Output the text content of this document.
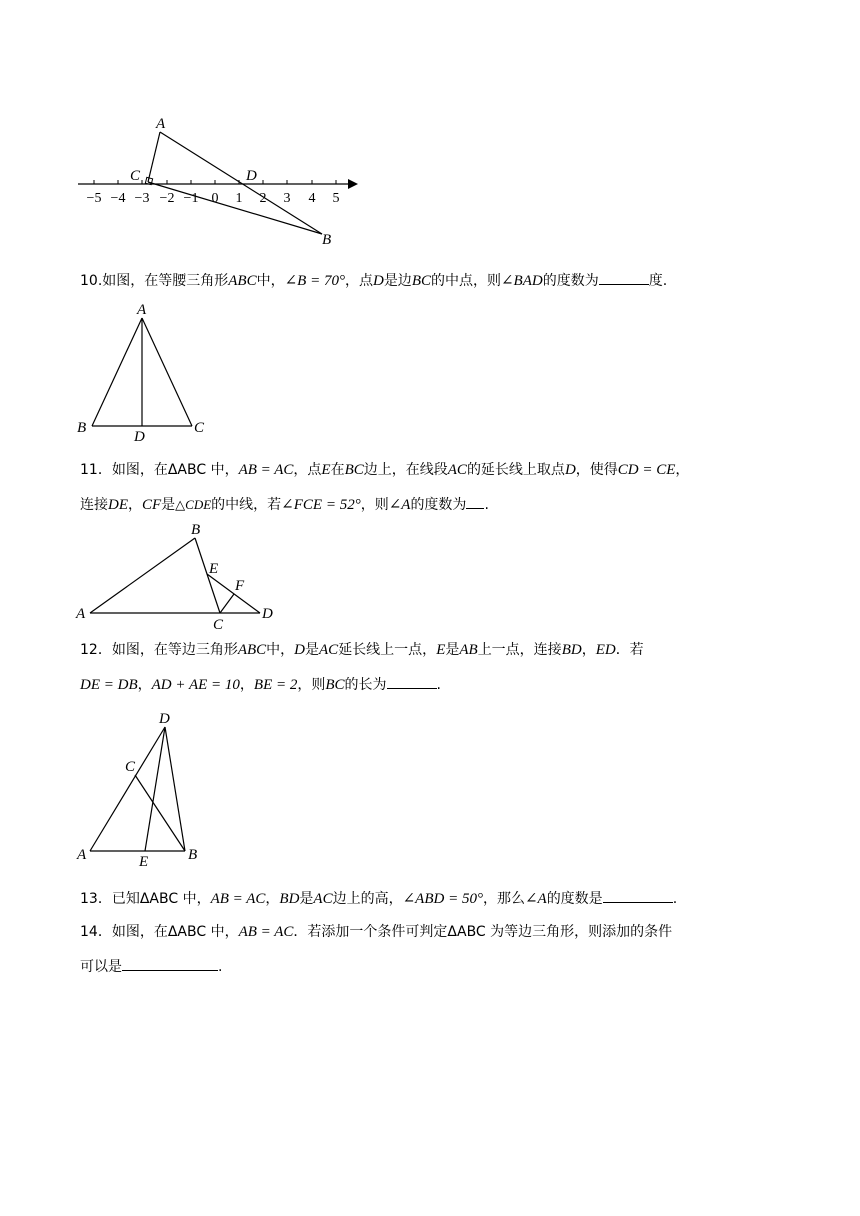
−5 −4 −3 −2 −1 0 1 2 3 4 5
A
C	D
B
10.如图，在等腰三角形ABC中，∠B = 70°，点D是边BC的中点，则∠BAD的度数为	度.
A
B
D
C
11．如图，在ΔABC 中，AB = AC，点E在BC边上，在线段AC的延长线上取点D，使得CD = CE，
连接DE，CF是△CDE的中线，若∠FCE = 52°，则∠A的度数为 .
B
A
E
F
C
D
12．如图，在等边三角形ABC中，D是AC延长线上一点，E是AB上一点，连接BD，ED．若
DE = DB，AD + AE = 10，BE = 2，则BC的长为	.
D
C
A	E	B
13．已知ΔABC 中，AB = AC，BD是AC边上的高，∠ABD = 50°，那么∠A的度数是	.
14．如图，在ΔABC 中，AB = AC．若添加一个条件可判定ΔABC 为等边三角形，则添加的条件
可以是	.
